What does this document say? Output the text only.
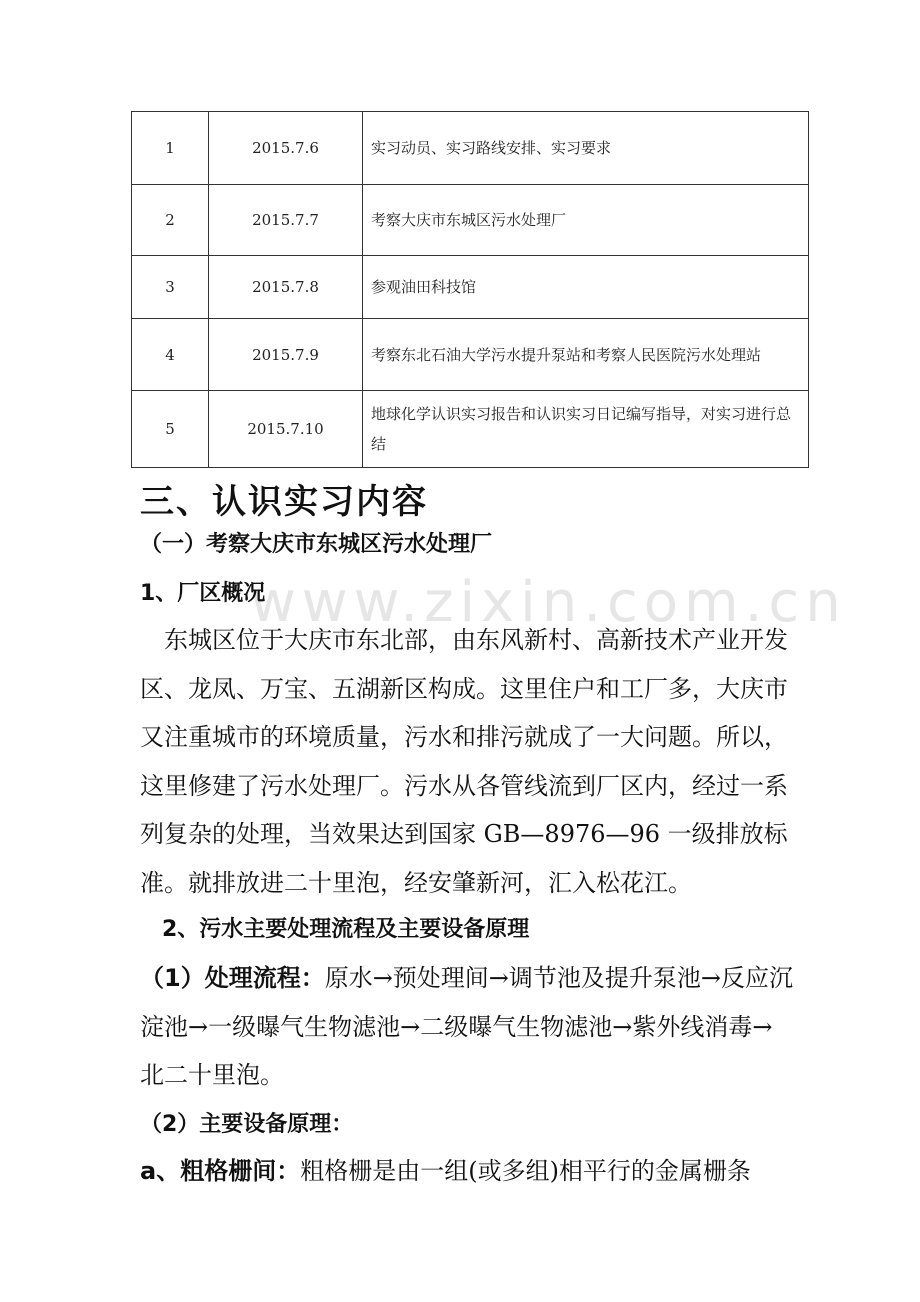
www.zixin.com.cn
1	2015.7.6	实习动员、实习路线安排、实习要求
2	2015.7.7	考察大庆市东城区污水处理厂
3	2015.7.8	参观油田科技馆
4	2015.7.9	考察东北石油大学污水提升泵站和考察人民医院污水处理站
5	2015.7.10	地球化学认识实习报告和认识实习日记编写指导，对实习进行总结
三、认识实习内容
（一）考察大庆市东城区污水处理厂
1、厂区概况

东城区位于大庆市东北部，由东风新村、高新技术产业开发区、龙凤、万宝、五湖新区构成。这里住户和工厂多，大庆市又注重城市的环境质量，污水和排污就成了一大问题。所以，这里修建了污水处理厂。污水从各管线流到厂区内，经过一系列复杂的处理，当效果达到国家 GB—8976—96 一级排放标准。就排放进二十里泡，经安肇新河，汇入松花江。

2、污水主要处理流程及主要设备原理

（1）处理流程：原水→预处理间→调节池及提升泵池→反应沉淀池→一级曝气生物滤池→二级曝气生物滤池→紫外线消毒→北二十里泡。

（2）主要设备原理：

a、粗格栅间：粗格栅是由一组(或多组)相平行的金属栅条
